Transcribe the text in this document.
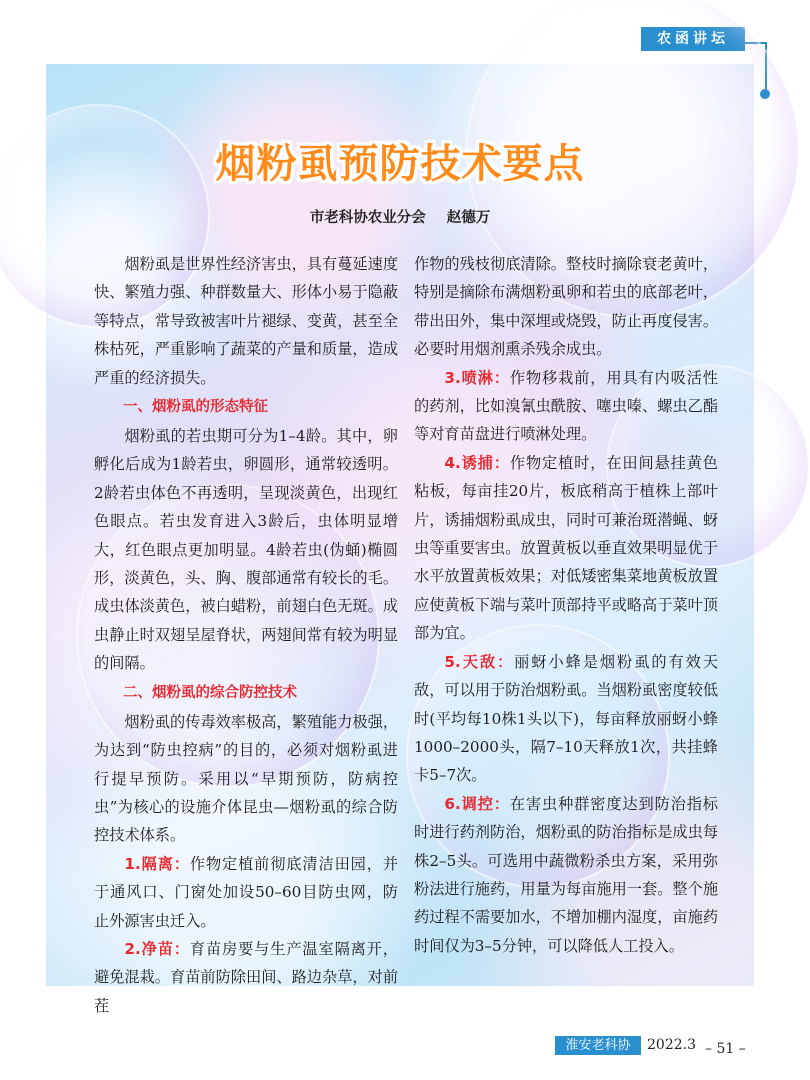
农函讲坛
烟粉虱预防技术要点
市老科协农业分会 赵德万

烟粉虱是世界性经济害虫，具有蔓延速度快、繁殖力强、种群数量大、形体小易于隐蔽等特点，常导致被害叶片褪绿、变黄，甚至全株枯死，严重影响了蔬菜的产量和质量，造成严重的经济损失。

一、烟粉虱的形态特征

烟粉虱的若虫期可分为1–4龄。其中，卵孵化后成为1龄若虫，卵圆形，通常较透明。2龄若虫体色不再透明，呈现淡黄色，出现红色眼点。若虫发育进入3龄后，虫体明显增大，红色眼点更加明显。4龄若虫(伪蛹)椭圆形，淡黄色，头、胸、腹部通常有较长的毛。成虫体淡黄色，被白蜡粉，前翅白色无斑。成虫静止时双翅呈屋脊状，两翅间常有较为明显的间隔。

二、烟粉虱的综合防控技术

烟粉虱的传毒效率极高，繁殖能力极强，为达到“防虫控病”的目的，必须对烟粉虱进行提早预防。采用以“早期预防，防病控虫”为核心的设施介体昆虫—烟粉虱的综合防控技术体系。

1.隔离：作物定植前彻底清洁田园，并于通风口、门窗处加设50–60目防虫网，防止外源害虫迁入。

2.净苗：育苗房要与生产温室隔离开，避免混栽。育苗前防除田间、路边杂草，对前茬

作物的残枝彻底清除。整枝时摘除衰老黄叶，特别是摘除布满烟粉虱卵和若虫的底部老叶，带出田外，集中深埋或烧毁，防止再度侵害。必要时用烟剂熏杀残余成虫。

3.喷淋：作物移栽前，用具有内吸活性的药剂，比如溴氰虫酰胺、噻虫嗪、螺虫乙酯等对育苗盘进行喷淋处理。

4.诱捕：作物定植时，在田间悬挂黄色粘板，每亩挂20片，板底稍高于植株上部叶片，诱捕烟粉虱成虫，同时可兼治斑潜蝇、蚜虫等重要害虫。放置黄板以垂直效果明显优于水平放置黄板效果；对低矮密集菜地黄板放置应使黄板下端与菜叶顶部持平或略高于菜叶顶部为宜。

5.天敌：丽蚜小蜂是烟粉虱的有效天敌，可以用于防治烟粉虱。当烟粉虱密度较低时(平均每10株1头以下)，每亩释放丽蚜小蜂1000–2000头，隔7–10天释放1次，共挂蜂卡5–7次。

6.调控：在害虫种群密度达到防治指标时进行药剂防治，烟粉虱的防治指标是成虫每株2–5头。可选用中蔬微粉杀虫方案，采用弥粉法进行施药，用量为每亩施用一套。整个施药过程不需要加水，不增加棚内湿度，亩施药时间仅为3–5分钟，可以降低人工投入。

淮安老科协	2022.3 – 51 –
